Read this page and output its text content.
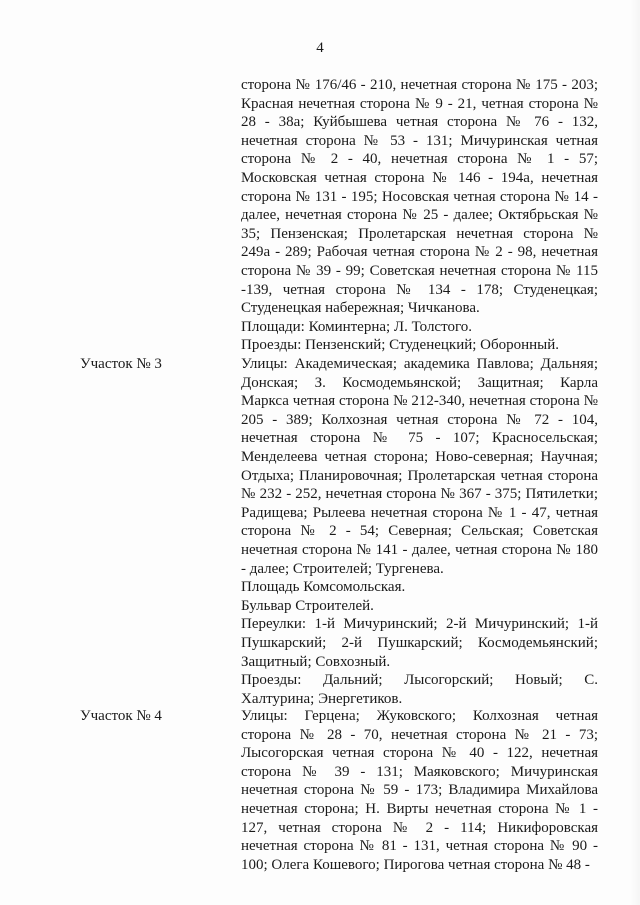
4

сторона № 176/46 - 210, нечетная сторона № 175 - 203; Красная нечетная сторона № 9 - 21, четная сторона № 28 - 38а; Куйбышева четная сторона № 76 - 132, нечетная сторона № 53 - 131; Мичуринская четная сторона № 2 - 40, нечетная сторона № 1 - 57; Московская четная сторона № 146 - 194а, нечетная сторона № 131 - 195; Носовская четная сторона № 14 - далее, нечетная сторона № 25 - далее; Октябрьская № 35; Пензенская; Пролетарская нечетная сторона № 249а - 289; Рабочая четная сторона № 2 - 98, нечетная сторона № 39 - 99; Советская нечетная сторона № 115 -139, четная сторона № 134 - 178; Студенецкая; Студенецкая набережная; Чичканова.

Площади: Коминтерна; Л. Толстого.

Проезды: Пензенский; Студенецкий; Оборонный.

Участок № 3	Улицы: Академическая; академика Павлова; Дальняя; Донская; З. Космодемьянской; Защитная; Карла Маркса четная сторона № 212-340, нечетная сторона № 205 - 389; Колхозная четная сторона № 72 - 104, нечетная сторона № 75 - 107; Красносельская; Менделеева четная сторона; Ново-северная; Научная; Отдыха; Планировочная; Пролетарская четная сторона № 232 - 252, нечетная сторона № 367 - 375; Пятилетки; Радищева; Рылеева нечетная сторона № 1 - 47, четная сторона № 2 - 54; Северная; Сельская; Советская нечетная сторона № 141 - далее, четная сторона № 180 - далее; Строителей; Тургенева.

Площадь Комсомольская.

Бульвар Строителей.

Переулки: 1-й Мичуринский; 2-й Мичуринский; 1-й Пушкарский; 2-й Пушкарский; Космодемьянский; Защитный; Совхозный.

Проезды: Дальний; Лысогорский; Новый; С. Халтурина; Энергетиков.

Участок № 4	Улицы: Герцена; Жуковского; Колхозная четная сторона № 28 - 70, нечетная сторона № 21 - 73; Лысогорская четная сторона № 40 - 122, нечетная сторона № 39 - 131; Маяковского; Мичуринская нечетная сторона № 59 - 173; Владимира Михайлова нечетная сторона; Н. Вирты нечетная сторона № 1 - 127, четная сторона № 2 - 114; Никифоровская нечетная сторона № 81 - 131, четная сторона № 90 - 100; Олега Кошевого; Пирогова четная сторона № 48 -
